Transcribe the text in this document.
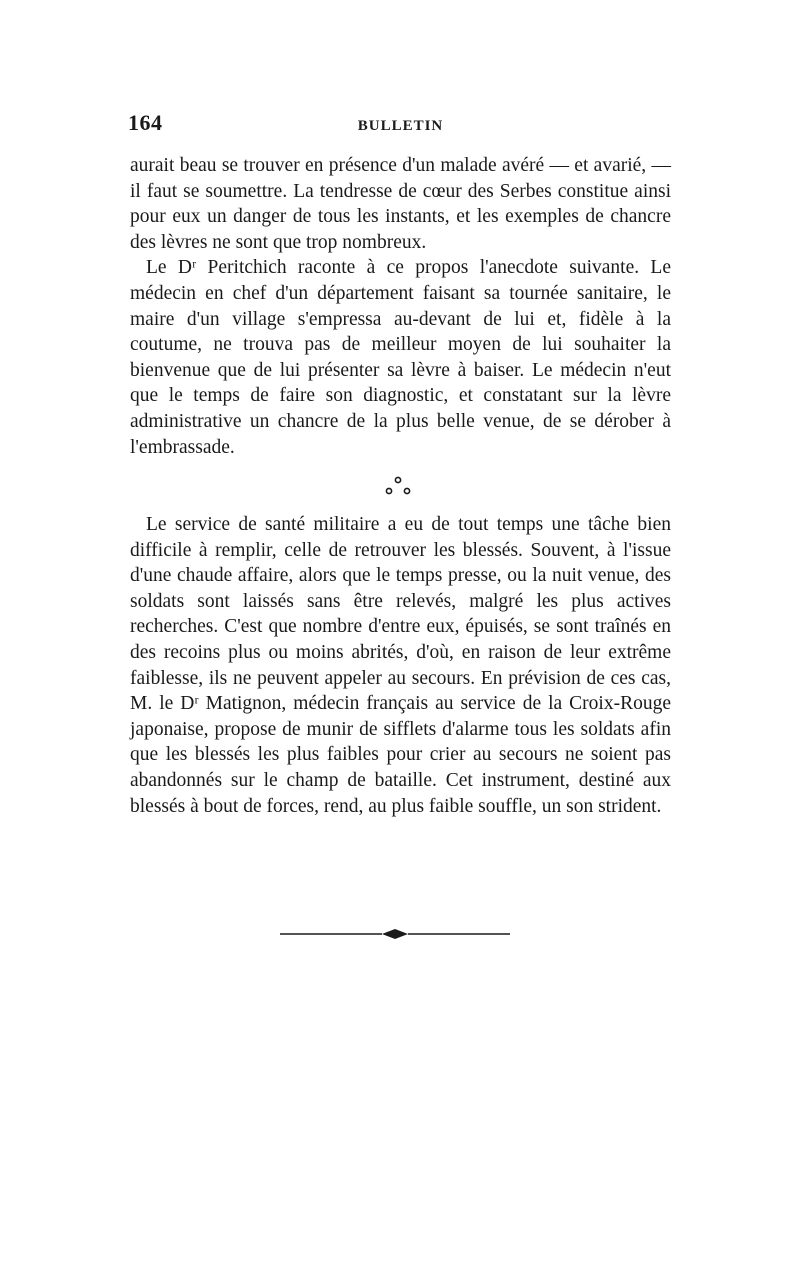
164	BULLETIN

aurait beau se trouver en présence d'un malade avéré — et avarié, — il faut se soumettre. La tendresse de cœur des Serbes constitue ainsi pour eux un danger de tous les instants, et les exemples de chancre des lèvres ne sont que trop nombreux.

Le Dʳ Peritchich raconte à ce propos l'anecdote suivante. Le médecin en chef d'un département faisant sa tournée sanitaire, le maire d'un village s'empressa au-devant de lui et, fidèle à la coutume, ne trouva pas de meilleur moyen de lui souhaiter la bienvenue que de lui présenter sa lèvre à baiser. Le médecin n'eut que le temps de faire son diagnostic, et constatant sur la lèvre administrative un chancre de la plus belle venue, de se dérober à l'embrassade.

Le service de santé militaire a eu de tout temps une tâche bien difficile à remplir, celle de retrouver les blessés. Souvent, à l'issue d'une chaude affaire, alors que le temps presse, ou la nuit venue, des soldats sont laissés sans être relevés, malgré les plus actives recherches. C'est que nombre d'entre eux, épuisés, se sont traînés en des recoins plus ou moins abrités, d'où, en raison de leur extrême faiblesse, ils ne peuvent appeler au secours. En prévision de ces cas, M. le Dʳ Matignon, médecin français au service de la Croix-Rouge japonaise, propose de munir de sifflets d'alarme tous les soldats afin que les blessés les plus faibles pour crier au secours ne soient pas abandonnés sur le champ de bataille. Cet instrument, destiné aux blessés à bout de forces, rend, au plus faible souffle, un son strident.
